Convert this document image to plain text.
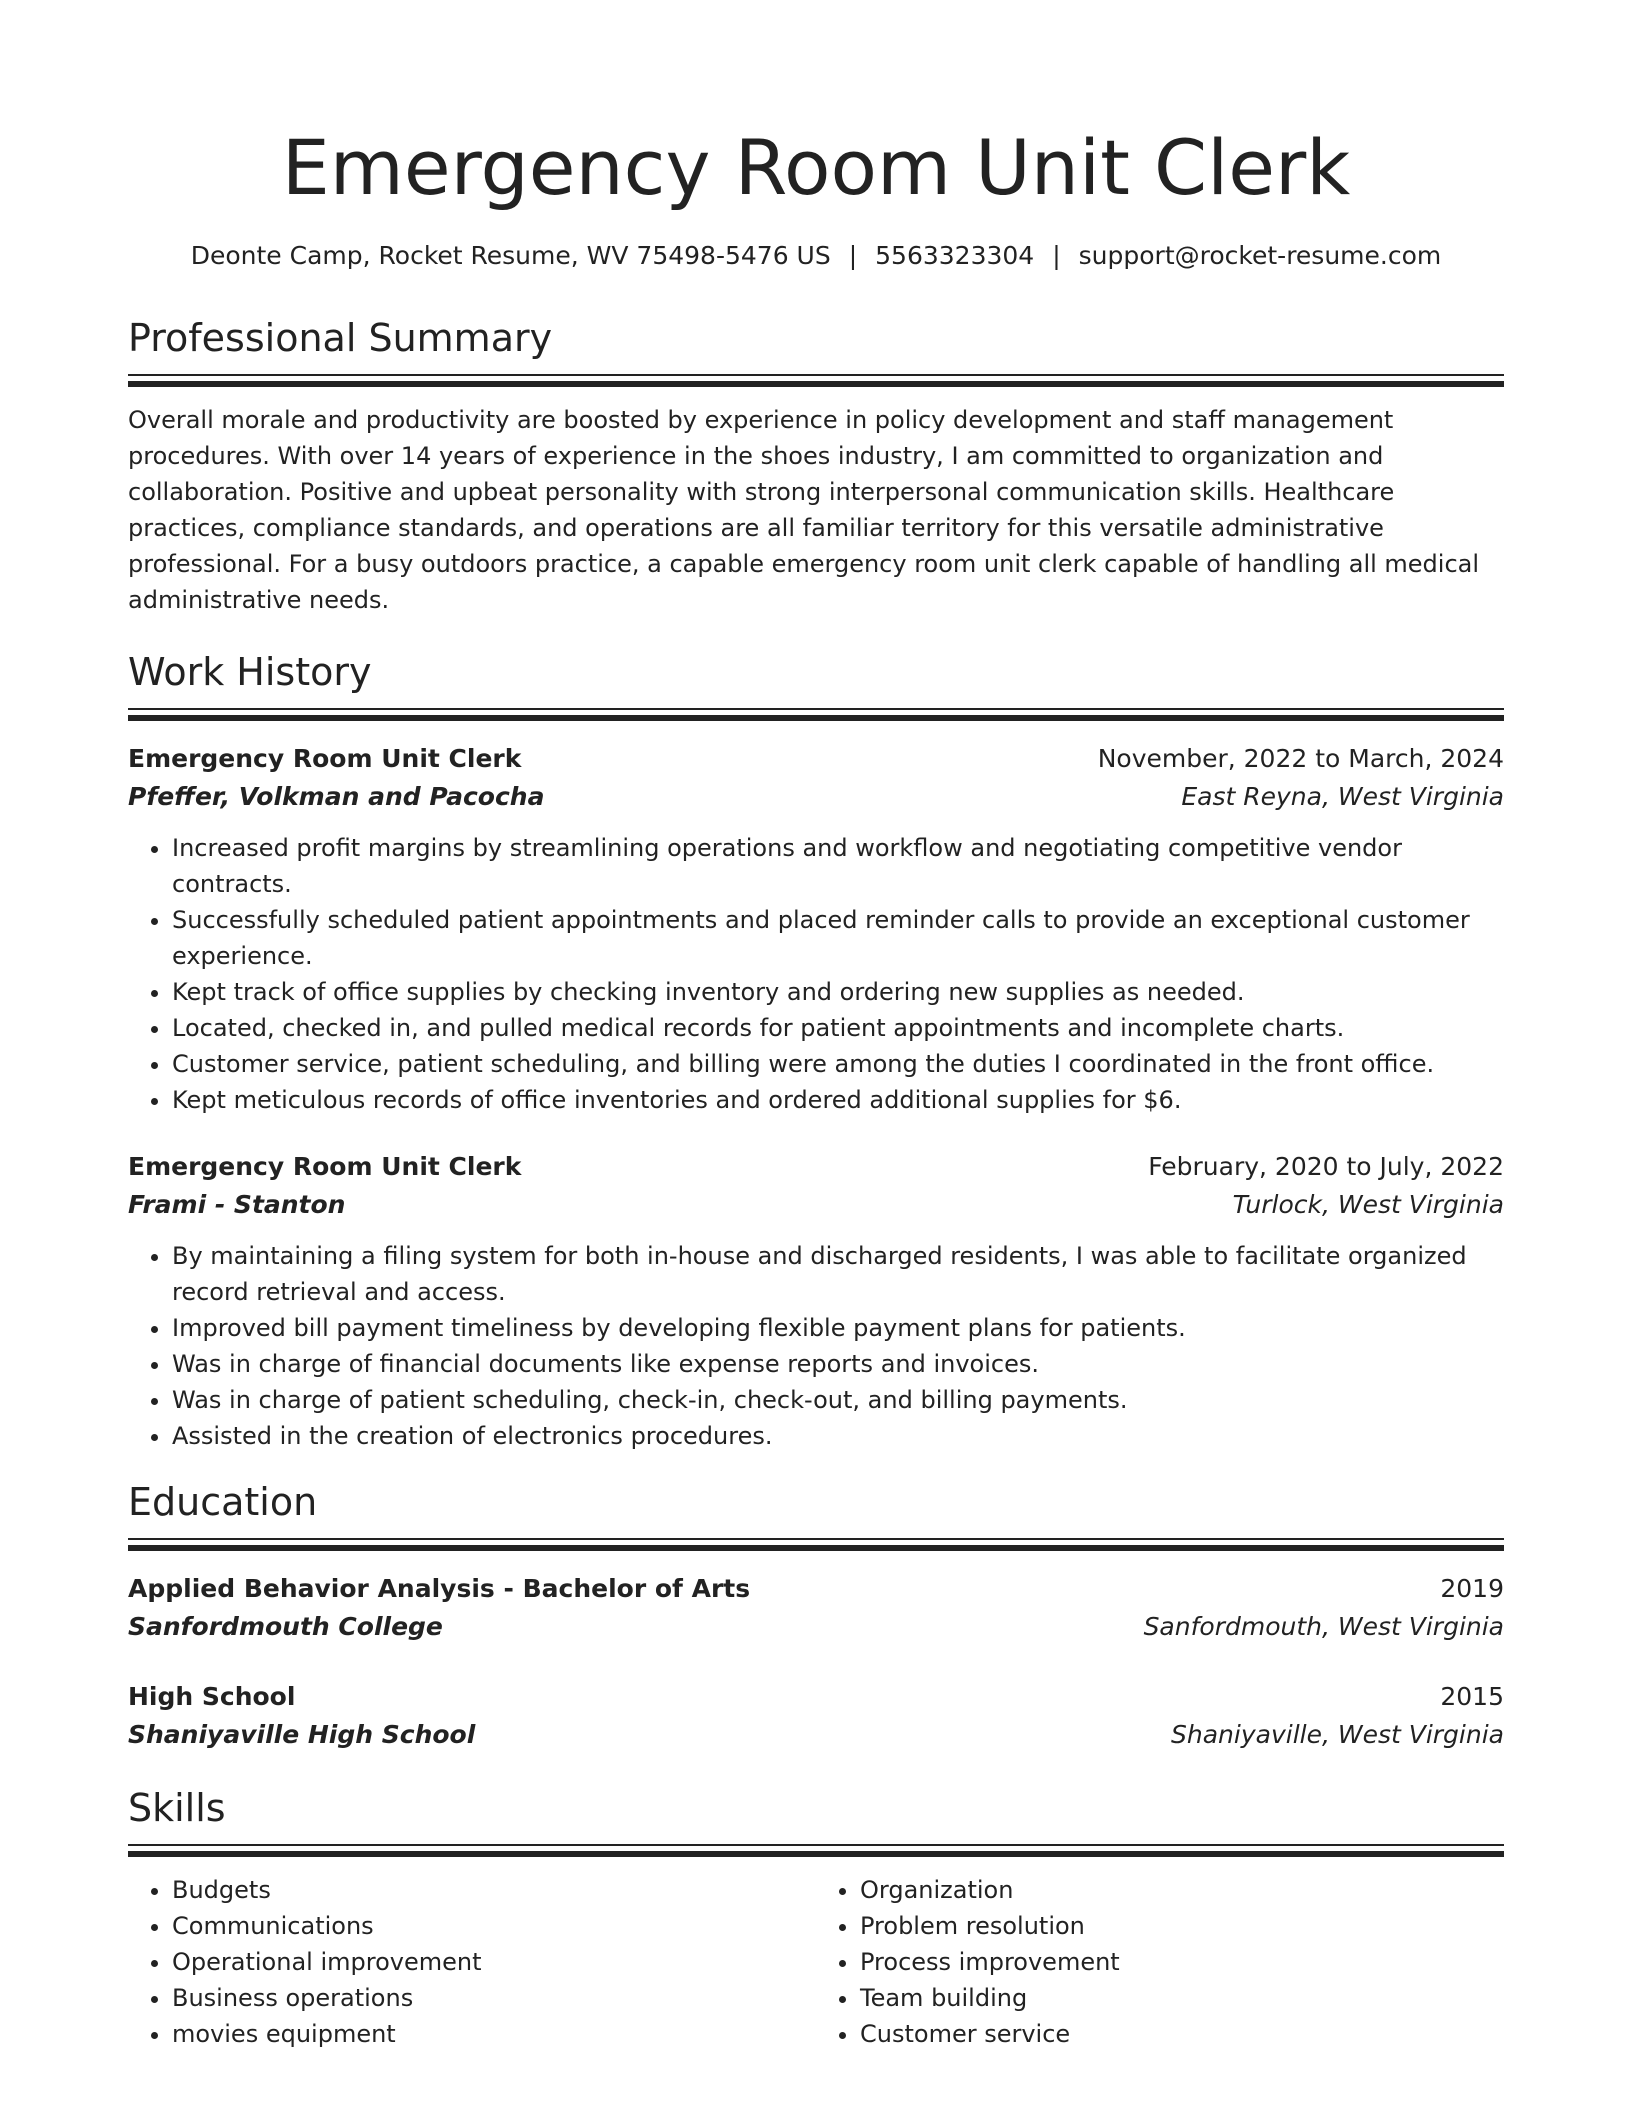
Emergency Room Unit Clerk
Deonte Camp, Rocket Resume, WV 75498-5476 US | 5563323304 | support@rocket-resume.com
Professional Summary
Overall morale and productivity are boosted by experience in policy development and staff management procedures. With over 14 years of experience in the shoes industry, I am committed to organization and collaboration. Positive and upbeat personality with strong interpersonal communication skills. Healthcare practices, compliance standards, and operations are all familiar territory for this versatile administrative professional. For a busy outdoors practice, a capable emergency room unit clerk capable of handling all medical administrative needs.
Work History
Emergency Room Unit Clerk	November, 2022 to March, 2024
Pfeffer, Volkman and Pacocha	East Reyna, West Virginia
• Increased profit margins by streamlining operations and workflow and negotiating competitive vendor contracts.
• Successfully scheduled patient appointments and placed reminder calls to provide an exceptional customer experience.
• Kept track of office supplies by checking inventory and ordering new supplies as needed.
• Located, checked in, and pulled medical records for patient appointments and incomplete charts.
• Customer service, patient scheduling, and billing were among the duties I coordinated in the front office.
• Kept meticulous records of office inventories and ordered additional supplies for $6.
Emergency Room Unit Clerk	February, 2020 to July, 2022
Frami - Stanton	Turlock, West Virginia
• By maintaining a filing system for both in-house and discharged residents, I was able to facilitate organized record retrieval and access.
• Improved bill payment timeliness by developing flexible payment plans for patients.
• Was in charge of financial documents like expense reports and invoices.
• Was in charge of patient scheduling, check-in, check-out, and billing payments.
• Assisted in the creation of electronics procedures.
Education
Applied Behavior Analysis - Bachelor of Arts	2019
Sanfordmouth College	Sanfordmouth, West Virginia
High School	2015
Shaniyaville High School	Shaniyaville, West Virginia
Skills
• Budgets
• Communications
• Operational improvement
• Business operations
• movies equipment
• Organization
• Problem resolution
• Process improvement
• Team building
• Customer service
